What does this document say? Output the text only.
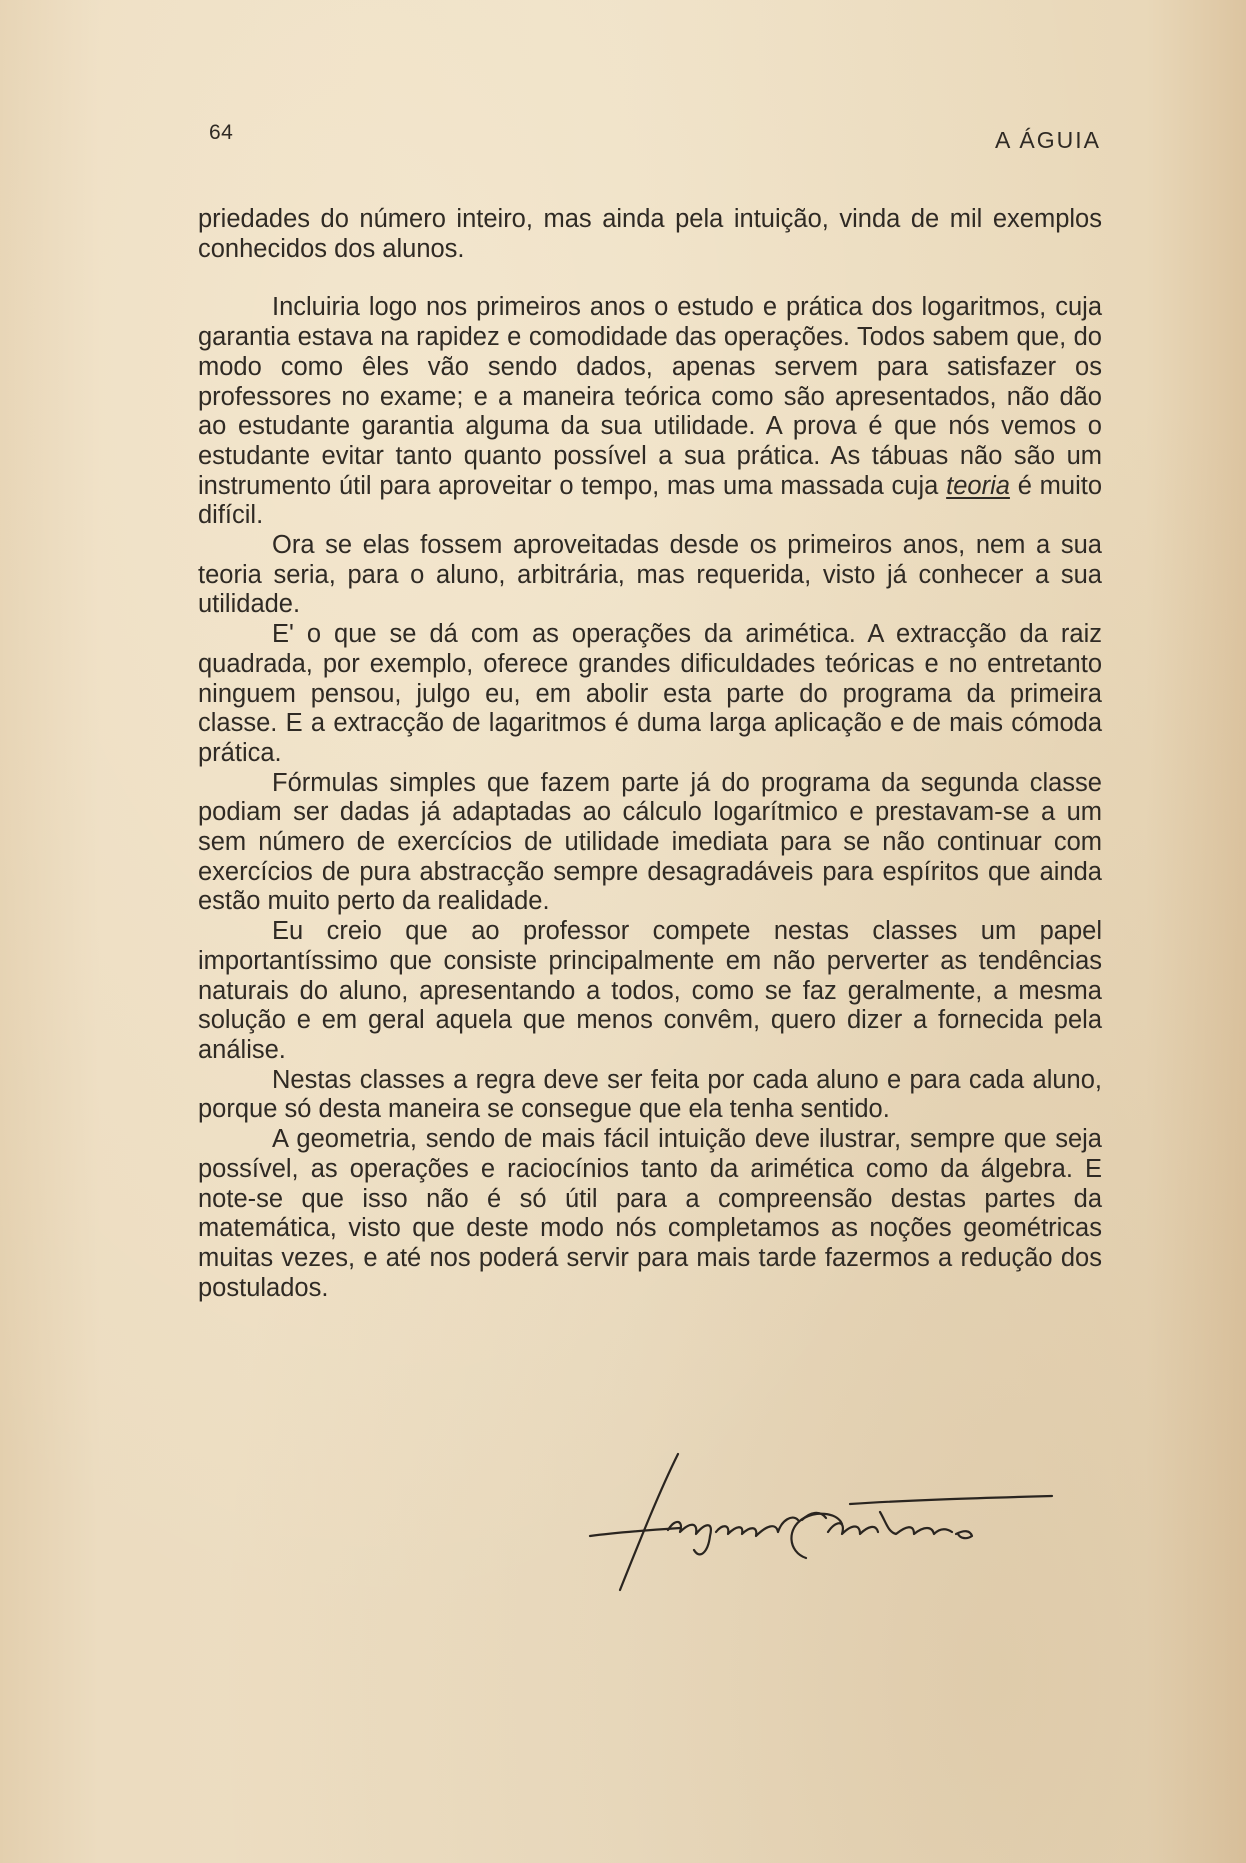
64	A ÁGUIA

priedades do número inteiro, mas ainda pela intuição, vinda de mil exemplos conhecidos dos alunos.

Incluiria logo nos primeiros anos o estudo e prática dos logaritmos, cuja garantia estava na rapidez e comodidade das operações. Todos sabem que, do modo como êles vão sendo dados, apenas servem para satisfazer os professores no exame; e a maneira teórica como são apresentados, não dão ao estudante garantia alguma da sua utilidade. A prova é que nós vemos o estudante evitar tanto quanto possível a sua prática. As tábuas não são um instrumento útil para aproveitar o tempo, mas uma massada cuja teoria é muito difícil.

Ora se elas fossem aproveitadas desde os primeiros anos, nem a sua teoria seria, para o aluno, arbitrária, mas requerida, visto já conhecer a sua utilidade.

E' o que se dá com as operações da arimética. A extracção da raiz quadrada, por exemplo, oferece grandes dificuldades teóricas e no entretanto ninguem pensou, julgo eu, em abolir esta parte do programa da primeira classe. E a extracção de lagaritmos é duma larga aplicação e de mais cómoda prática.

Fórmulas simples que fazem parte já do programa da segunda classe podiam ser dadas já adaptadas ao cálculo logarítmico e prestavam-se a um sem número de exercícios de utilidade imediata para se não continuar com exercícios de pura abstracção sempre desagradáveis para espíritos que ainda estão muito perto da realidade.

Eu creio que ao professor compete nestas classes um papel importantíssimo que consiste principalmente em não perverter as tendências naturais do aluno, apresentando a todos, como se faz geralmente, a mesma solução e em geral aquela que menos convêm, quero dizer a fornecida pela análise.

Nestas classes a regra deve ser feita por cada aluno e para cada aluno, porque só desta maneira se consegue que ela tenha sentido.

A geometria, sendo de mais fácil intuição deve ilustrar, sempre que seja possível, as operações e raciocínios tanto da arimética como da álgebra. E note-se que isso não é só útil para a compreensão destas partes da matemática, visto que deste modo nós completamos as noções geométricas muitas vezes, e até nos poderá servir para mais tarde fazermos a redução dos postulados.
